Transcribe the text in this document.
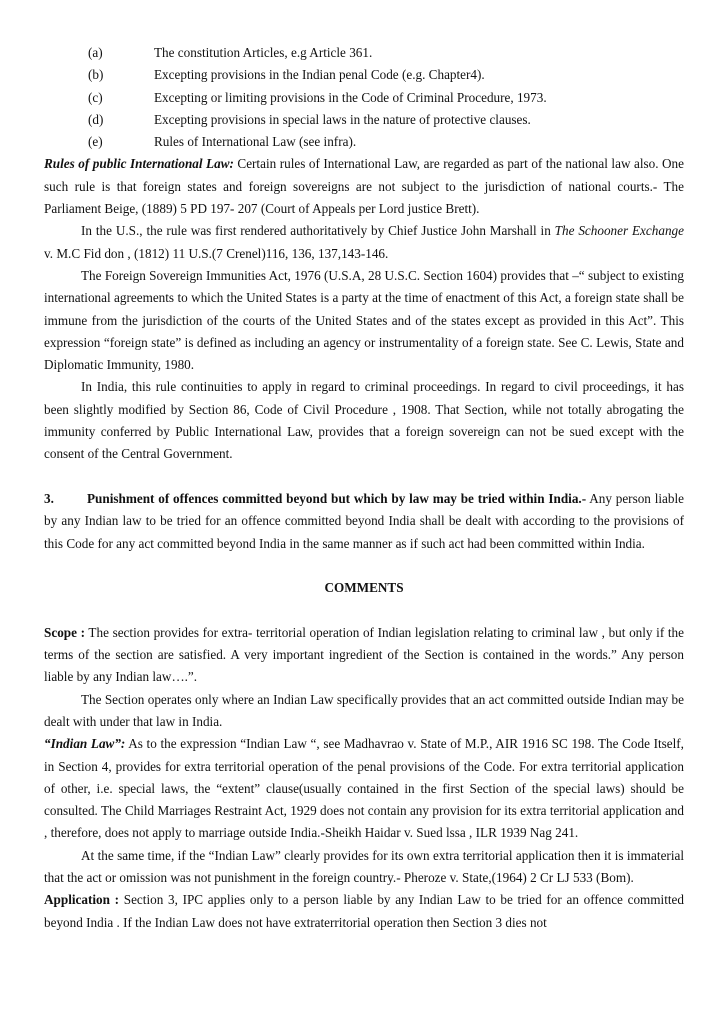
(a)	The constitution Articles, e.g Article 361.
(b)	Excepting provisions in the Indian penal Code (e.g. Chapter4).
(c)	Excepting or limiting provisions in the Code of Criminal Procedure, 1973.
(d)	Excepting provisions in special laws in the nature of protective clauses.
(e)	Rules of International Law (see infra).

Rules of public International Law: Certain rules of International Law, are regarded as part of the national law also. One such rule is that foreign states and foreign sovereigns are not subject to the jurisdiction of national courts.- The Parliament Beige, (1889) 5 PD 197- 207 (Court of Appeals per Lord justice Brett).

In the U.S., the rule was first rendered authoritatively by Chief Justice John Marshall in The Schooner Exchange v. M.C Fid don , (1812) 11 U.S.(7 Crenel)116, 136, 137,143-146.

The Foreign Sovereign Immunities Act, 1976 (U.S.A, 28 U.S.C. Section 1604) provides that –“ subject to existing international agreements to which the United States is a party at the time of enactment of this Act, a foreign state shall be immune from the jurisdiction of the courts of the United States and of the states except as provided in this Act”. This expression “foreign state” is defined as including an agency or instrumentality of a foreign state. See C. Lewis, State and Diplomatic Immunity, 1980.

In India, this rule continuities to apply in regard to criminal proceedings. In regard to civil proceedings, it has been slightly modified by Section 86, Code of Civil Procedure , 1908. That Section, while not totally abrogating the immunity conferred by Public International Law, provides that a foreign sovereign can not be sued except with the consent of the Central Government.

3.	Punishment of offences committed beyond but which by law may be tried within India.- Any person liable by any Indian law to be tried for an offence committed beyond India shall be dealt with according to the provisions of this Code for any act committed beyond India in the same manner as if such act had been committed within India.

COMMENTS

Scope : The section provides for extra- territorial operation of Indian legislation relating to criminal law , but only if the terms of the section are satisfied. A very important ingredient of the Section is contained in the words.” Any person liable by any Indian law….”.

The Section operates only where an Indian Law specifically provides that an act committed outside Indian may be dealt with under that law in India.

“Indian Law”: As to the expression “Indian Law “, see Madhavrao v. State of M.P., AIR 1916 SC 198. The Code Itself, in Section 4, provides for extra territorial operation of the penal provisions of the Code. For extra territorial application of other, i.e. special laws, the “extent” clause(usually contained in the first Section of the special laws) should be consulted. The Child Marriages Restraint Act, 1929 does not contain any provision for its extra territorial application and , therefore, does not apply to marriage outside India.-Sheikh Haidar v. Sued lssa , ILR 1939 Nag 241.

At the same time, if the “Indian Law” clearly provides for its own extra territorial application then it is immaterial that the act or omission was not punishment in the foreign country.- Pheroze v. State,(1964) 2 Cr LJ 533 (Bom).

Application : Section 3, IPC applies only to a person liable by any Indian Law to be tried for an offence committed beyond India . If the Indian Law does not have extraterritorial operation then Section 3 dies not
